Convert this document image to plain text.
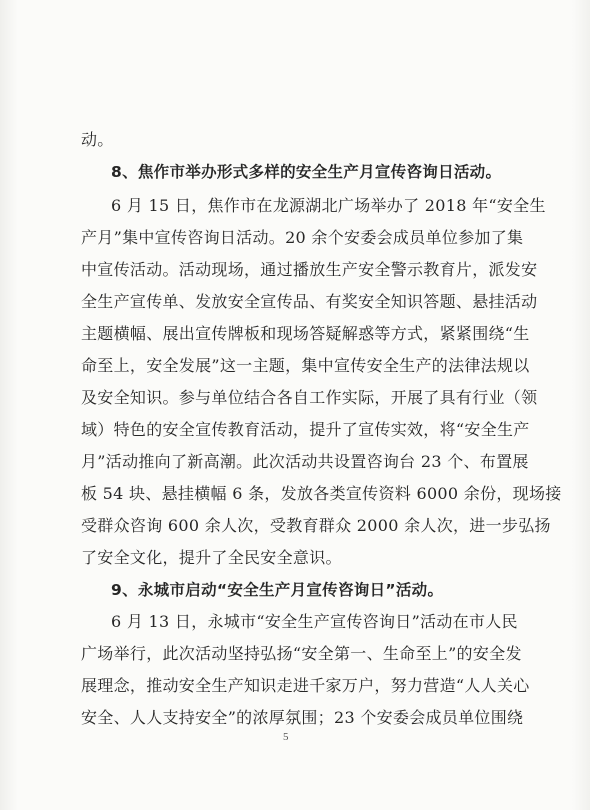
动。
8、焦作市举办形式多样的安全生产月宣传咨询日活动。
6 月 15 日，焦作市在龙源湖北广场举办了 2018 年“安全生
产月”集中宣传咨询日活动。20 余个安委会成员单位参加了集
中宣传活动。活动现场，通过播放生产安全警示教育片，派发安
全生产宣传单、发放安全宣传品、有奖安全知识答题、悬挂活动
主题横幅、展出宣传牌板和现场答疑解惑等方式，紧紧围绕“生
命至上，安全发展”这一主题，集中宣传安全生产的法律法规以
及安全知识。参与单位结合各自工作实际，开展了具有行业（领
域）特色的安全宣传教育活动，提升了宣传实效，将“安全生产
月”活动推向了新高潮。此次活动共设置咨询台 23 个、布置展
板 54 块、悬挂横幅 6 条，发放各类宣传资料 6000 余份，现场接
受群众咨询 600 余人次，受教育群众 2000 余人次，进一步弘扬
了安全文化，提升了全民安全意识。
9、永城市启动“安全生产月宣传咨询日”活动。
6 月 13 日，永城市“安全生产宣传咨询日”活动在市人民
广场举行，此次活动坚持弘扬“安全第一、生命至上”的安全发
展理念，推动安全生产知识走进千家万户，努力营造“人人关心
安全、人人支持安全”的浓厚氛围；23 个安委会成员单位围绕
5
